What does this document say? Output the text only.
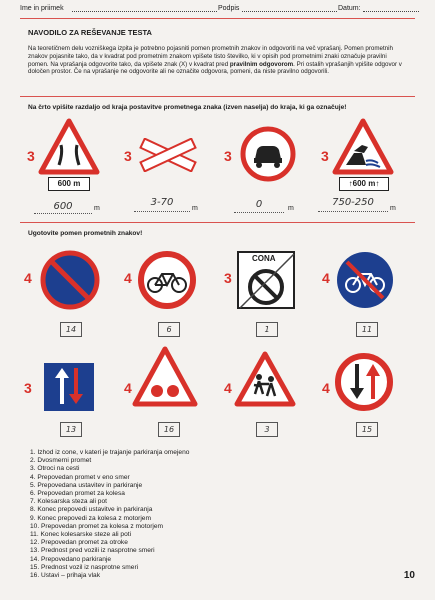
Ime in priimek	Podpis	Datum:
NAVODILO ZA REŠEVANJE TESTA
Na teoretičnem delu vozniškega izpita je potrebno pojasniti pomen prometnih znakov in odgovoriti na več vprašanj. Pomen prometnih znakov pojasnite tako, da v kvadrat pod prometnim znakom vpišete tisto številko, ki v opisih pod prometnimi znaki označuje pravilni pomen. Na vprašanja odgovorite tako, da vpišete znak (X) v kvadrat pred pravilnim odgovorom. Pri ostalih vprašanjih vpišite odgovor v določen prostor. Če na vprašanje ne odgovorite ali ne označite odgovora, pomeni, da niste pravilno odgovorili.
Na črto vpišite razdaljo od kraja postavitve prometnega znaka (izven naselja) do kraja, ki ga označuje!
3
600 m
600	m
3
3-70
m
3
0	m
3
↑600 m↑
750-250
m
Ugotovite pomen prometnih znakov!
4
14
4
6
3
CONA
1
4
11
3
13
4
16
4
3
4
15
1. Izhod iz cone, v kateri je trajanje parkiranja omejeno
2. Dvosmerni promet
3. Otroci na cesti
4. Prepovedan promet v eno smer
5. Prepovedana ustavitev in parkiranje
6. Prepovedan promet za kolesa
7. Kolesarska steza ali pot
8. Konec prepovedi ustavitve in parkiranja
9. Konec prepovedi za kolesa z motorjem
10. Prepovedan promet za kolesa z motorjem
11. Konec kolesarske steze ali poti
12. Prepovedan promet za otroke
13. Prednost pred vozili iz nasprotne smeri
14. Prepovedano parkiranje
15. Prednost vozil iz nasprotne smeri
16. Ustavi – prihaja vlak	10
